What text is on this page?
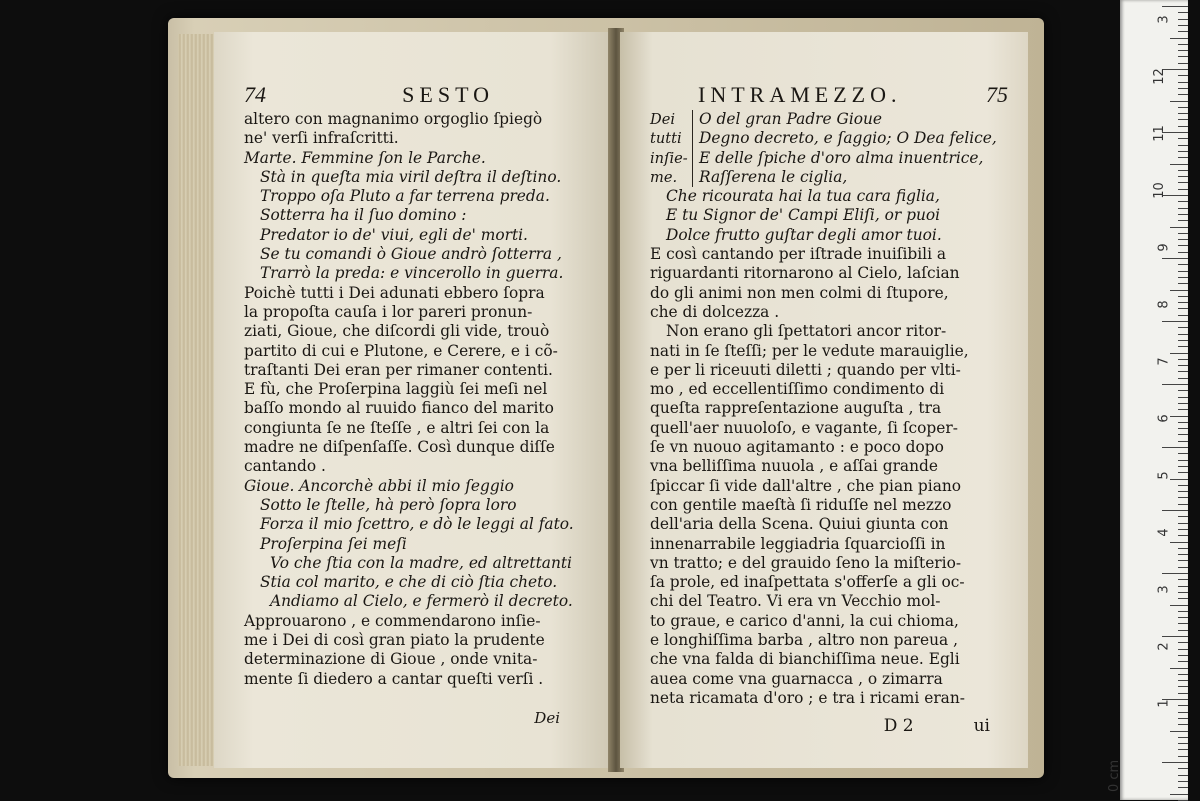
74	SESTO
altero con magnanimo orgoglio ſpiegò
ne' verſi infraſcritti.
Marte. Femmine ſon le Parche.
Stà in queſta mia viril deſtra il deſtino.
Troppo oſa Pluto a far terrena preda.
Sotterra ha il ſuo domino :
Predator io de' viui, egli de' morti.
Se tu comandi ò Gioue andrò ſotterra ,
Trarrò la preda: e vincerollo in guerra.
Poichè tutti i Dei adunati ebbero ſopra
la propoſta cauſa i lor pareri pronun-
ziati, Gioue, che diſcordi gli vide, trouò
partito di cui e Plutone, e Cerere, e i cõ-
traſtanti Dei eran per rimaner contenti.
E fù, che Proſerpina laggiù ſei meſi nel
baſſo mondo al ruuido fianco del marito
congiunta ſe ne ſteſſe , e altri ſei con la
madre ne diſpenſaſſe. Così dunque diſſe
cantando .
Gioue. Ancorchè abbi il mio ſeggio
Sotto le ſtelle, hà però ſopra loro
Forza il mio ſcettro, e dò le leggi al fato.
Proſerpina ſei meſi
Vo che ſtia con la madre, ed altrettanti
Stia col marito, e che di ciò ſtia cheto.
Andiamo al Cielo, e fermerò il decreto.
Approuarono , e commendarono inſie-
me i Dei di così gran piato la prudente
determinazione di Gioue , onde vnita-
mente ſi diedero a cantar queſti verſi .
Dei
INTRAMEZZO.	75
Dei
tutti
inſie-
me.
O del gran Padre Gioue
Degno decreto, e ſaggio; O Dea felice,
E delle ſpiche d'oro alma inuentrice,
Raſſerena le ciglia,
Che ricourata hai la tua cara figlia,
E tu Signor de' Campi Eliſi, or puoi
Dolce frutto guſtar degli amor tuoi.
E così cantando per iſtrade inuiſibili a
riguardanti ritornarono al Cielo, laſcian
do gli animi non men colmi di ſtupore,
che di dolcezza .
Non erano gli ſpettatori ancor ritor-
nati in ſe ſteſſi; per le vedute marauiglie,
e per li riceuuti diletti ; quando per vlti-
mo , ed eccellentiſſimo condimento di
queſta rappreſentazione auguſta , tra
quell'aer nuuoloſo, e vagante, ſi ſcoper-
ſe vn nuouo agitamanto : e poco dopo
vna belliſſima nuuola , e aſſai grande
ſpiccar ſi vide dall'altre , che pian piano
con gentile maeſtà ſi riduſſe nel mezzo
dell'aria della Scena. Quiui giunta con
innenarrabile leggiadria ſquarcioſſi in
vn tratto; e del grauido ſeno la miſterio-
ſa prole, ed inaſpettata s'offerſe a gli oc-
chi del Teatro. Vi era vn Vecchio mol-
to graue, e carico d'anni, la cui chioma,
e longhiſſima barba , altro non pareua ,
che vna falda di bianchiſſima neue. Egli
auea come vna guarnacca , o zimarra
neta ricamata d'oro ; e tra i ricami eran-
D 2	ui
0 cm
3
12
11
10
9
8
7
6
5
4
3
2
1
